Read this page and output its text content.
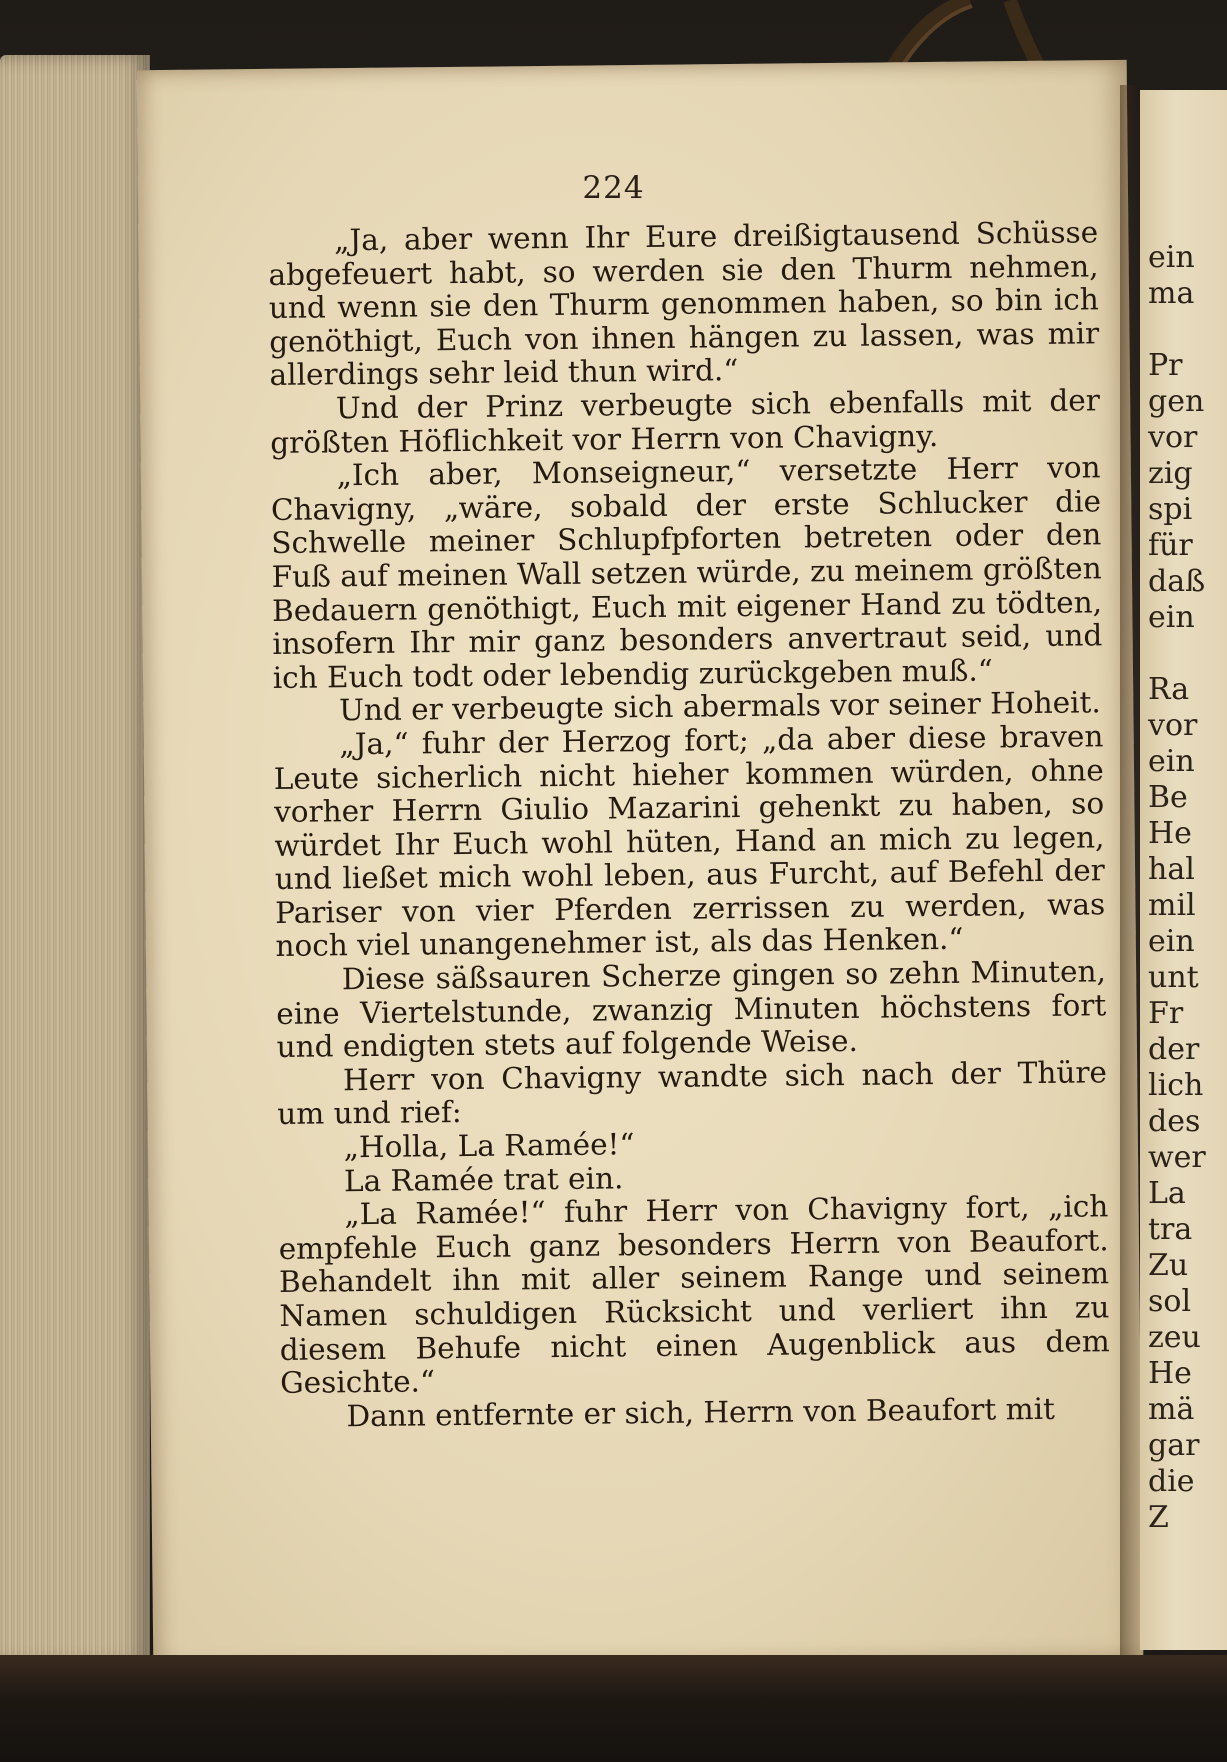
ein

ma

Pr

gen

vor

zig

spi

für

daß

ein

Ra

vor

ein

Be

He

hal

mil

ein

unt

Fr

der

lich

des

wer

La

tra

Zu

sol

zeu

He

mä

gar

die

Z

224

„Ja, aber wenn Ihr Eure dreißigtausend Schüsse abgefeuert habt, so werden sie den Thurm nehmen, und wenn sie den Thurm genommen haben, so bin ich genöthigt, Euch von ihnen hängen zu lassen, was mir allerdings sehr leid thun wird.“

Und der Prinz verbeugte sich ebenfalls mit der größten Höflichkeit vor Herrn von Chavigny.

„Ich aber, Monseigneur,“ versetzte Herr von Chavigny, „wäre, sobald der erste Schlucker die Schwelle meiner Schlupfpforten betreten oder den Fuß auf meinen Wall setzen würde, zu meinem größten Bedauern genöthigt, Euch mit eigener Hand zu tödten, insofern Ihr mir ganz besonders anvertraut seid, und ich Euch todt oder lebendig zurückgeben muß.“

Und er verbeugte sich abermals vor seiner Hoheit.

„Ja,“ fuhr der Herzog fort; „da aber diese braven Leute sicherlich nicht hieher kommen würden, ohne vorher Herrn Giulio Mazarini gehenkt zu haben, so würdet Ihr Euch wohl hüten, Hand an mich zu legen, und ließet mich wohl leben, aus Furcht, auf Befehl der Pariser von vier Pferden zerrissen zu werden, was noch viel unangenehmer ist, als das Henken.“

Diese säßsauren Scherze gingen so zehn Minuten, eine Viertelstunde, zwanzig Minuten höchstens fort und endigten stets auf folgende Weise.

Herr von Chavigny wandte sich nach der Thüre um und rief:

„Holla, La Ramée!“

La Ramée trat ein.

„La Ramée!“ fuhr Herr von Chavigny fort, „ich empfehle Euch ganz besonders Herrn von Beaufort. Behandelt ihn mit aller seinem Range und seinem Namen schuldigen Rücksicht und verliert ihn zu diesem Behufe nicht einen Augenblick aus dem Gesichte.“

Dann entfernte er sich, Herrn von Beaufort mit
